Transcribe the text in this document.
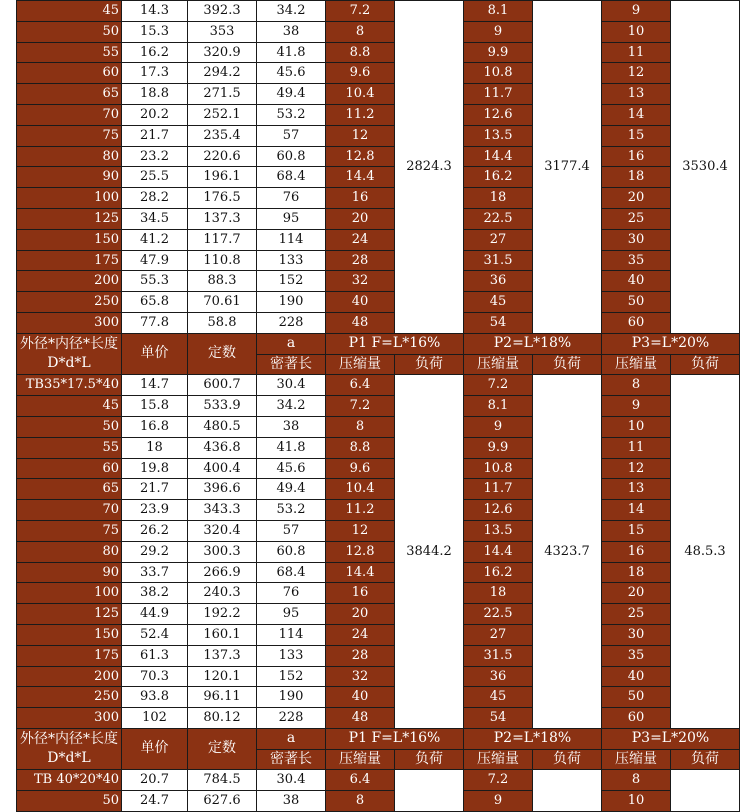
45	14.3	392.3	34.2	7.2	2824.3	8.1	3177.4	9	3530.4
50	15.3	353	38	8		9		10	
55	16.2	320.9	41.8	8.8		9.9		11	
60	17.3	294.2	45.6	9.6		10.8		12	
65	18.8	271.5	49.4	10.4		11.7		13	
70	20.2	252.1	53.2	11.2		12.6		14	
75	21.7	235.4	57	12		13.5		15	
80	23.2	220.6	60.8	12.8		14.4		16	
90	25.5	196.1	68.4	14.4		16.2		18	
100	28.2	176.5	76	16		18		20	
125	34.5	137.3	95	20		22.5		25	
150	41.2	117.7	114	24		27		30	
175	47.9	110.8	133	28		31.5		35	
200	55.3	88.3	152	32		36		40	
250	65.8	70.61	190	40		45		50	
300	77.8	58.8	228	48		54		60	
外径*内径*长度D*d*L	单价	定数	a	P1 F=L*16%		P2=L*18%		P3=L*20%	
			密著长	压缩量	负荷	压缩量	负荷	压缩量	负荷
TB35*17.5*40	14.7	600.7	30.4	6.4	3844.2	7.2	4323.7	8	48.5.3
45	15.8	533.9	34.2	7.2		8.1		9	
50	16.8	480.5	38	8		9		10	
55	18	436.8	41.8	8.8		9.9		11	
60	19.8	400.4	45.6	9.6		10.8		12	
65	21.7	396.6	49.4	10.4		11.7		13	
70	23.9	343.3	53.2	11.2		12.6		14	
75	26.2	320.4	57	12		13.5		15	
80	29.2	300.3	60.8	12.8		14.4		16	
90	33.7	266.9	68.4	14.4		16.2		18	
100	38.2	240.3	76	16		18		20	
125	44.9	192.2	95	20		22.5		25	
150	52.4	160.1	114	24		27		30	
175	61.3	137.3	133	28		31.5		35	
200	70.3	120.1	152	32		36		40	
250	93.8	96.11	190	40		45		50	
300	102	80.12	228	48		54		60	
外径*内径*长度D*d*L	单价	定数	a	P1 F=L*16%		P2=L*18%		P3=L*20%	
			密著长	压缩量	负荷	压缩量	负荷	压缩量	负荷
TB 40*20*40	20.7	784.5	30.4	6.4		7.2		8	
50	24.7	627.6	38	8		9		10	
